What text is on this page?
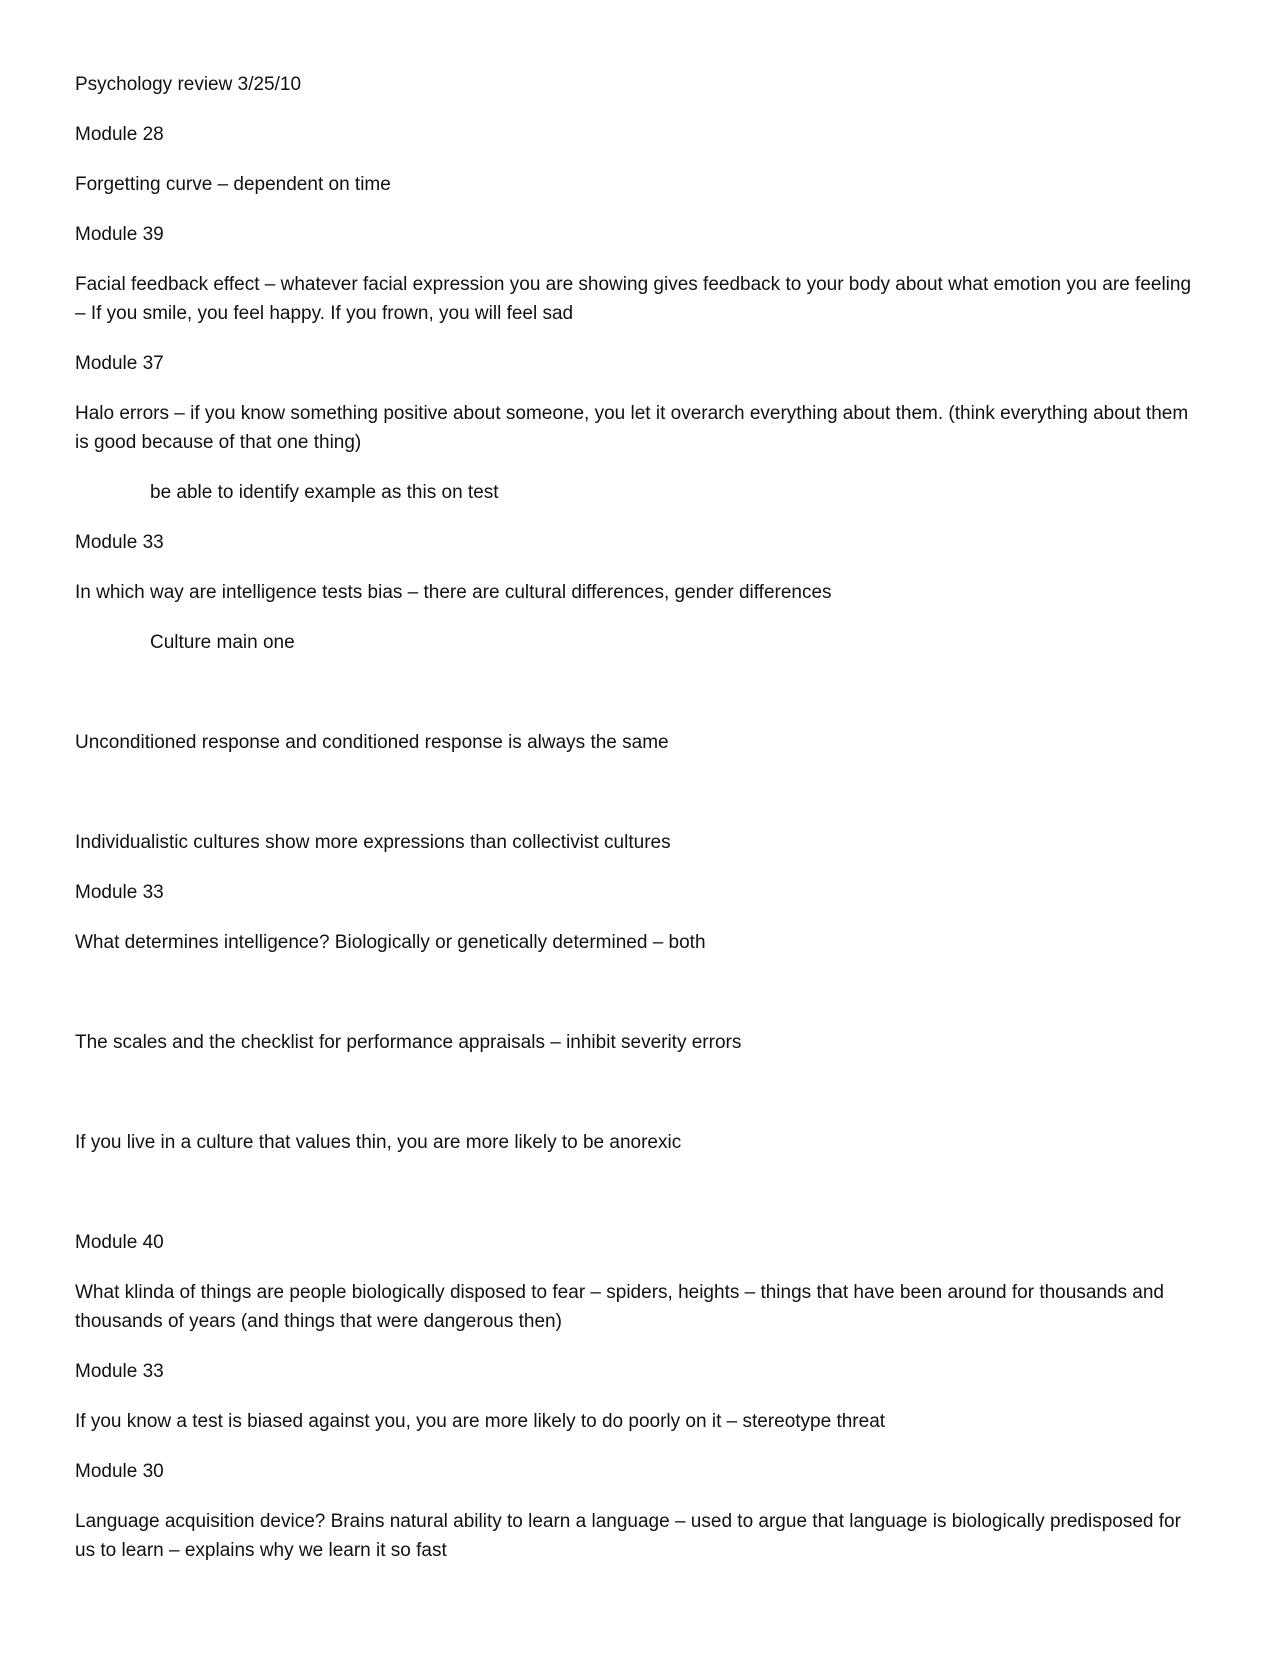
Psychology review 3/25/10

Module 28

Forgetting curve – dependent on time

Module 39

Facial feedback effect – whatever facial expression you are showing gives feedback to your body about what emotion you are feeling – If you smile, you feel happy. If you frown, you will feel sad

Module 37

Halo errors – if you know something positive about someone, you let it overarch everything about them. (think everything about them is good because of that one thing)

be able to identify example as this on test

Module 33

In which way are intelligence tests bias – there are cultural differences, gender differences

Culture main one

Unconditioned response and conditioned response is always the same

Individualistic cultures show more expressions than collectivist cultures

Module 33

What determines intelligence? Biologically or genetically determined – both

The scales and the checklist for performance appraisals – inhibit severity errors

If you live in a culture that values thin, you are more likely to be anorexic

Module 40

What klinda of things are people biologically disposed to fear – spiders, heights – things that have been around for thousands and thousands of years (and things that were dangerous then)

Module 33

If you know a test is biased against you, you are more likely to do poorly on it – stereotype threat

Module 30

Language acquisition device? Brains natural ability to learn a language – used to argue that language is biologically predisposed for us to learn – explains why we learn it so fast
